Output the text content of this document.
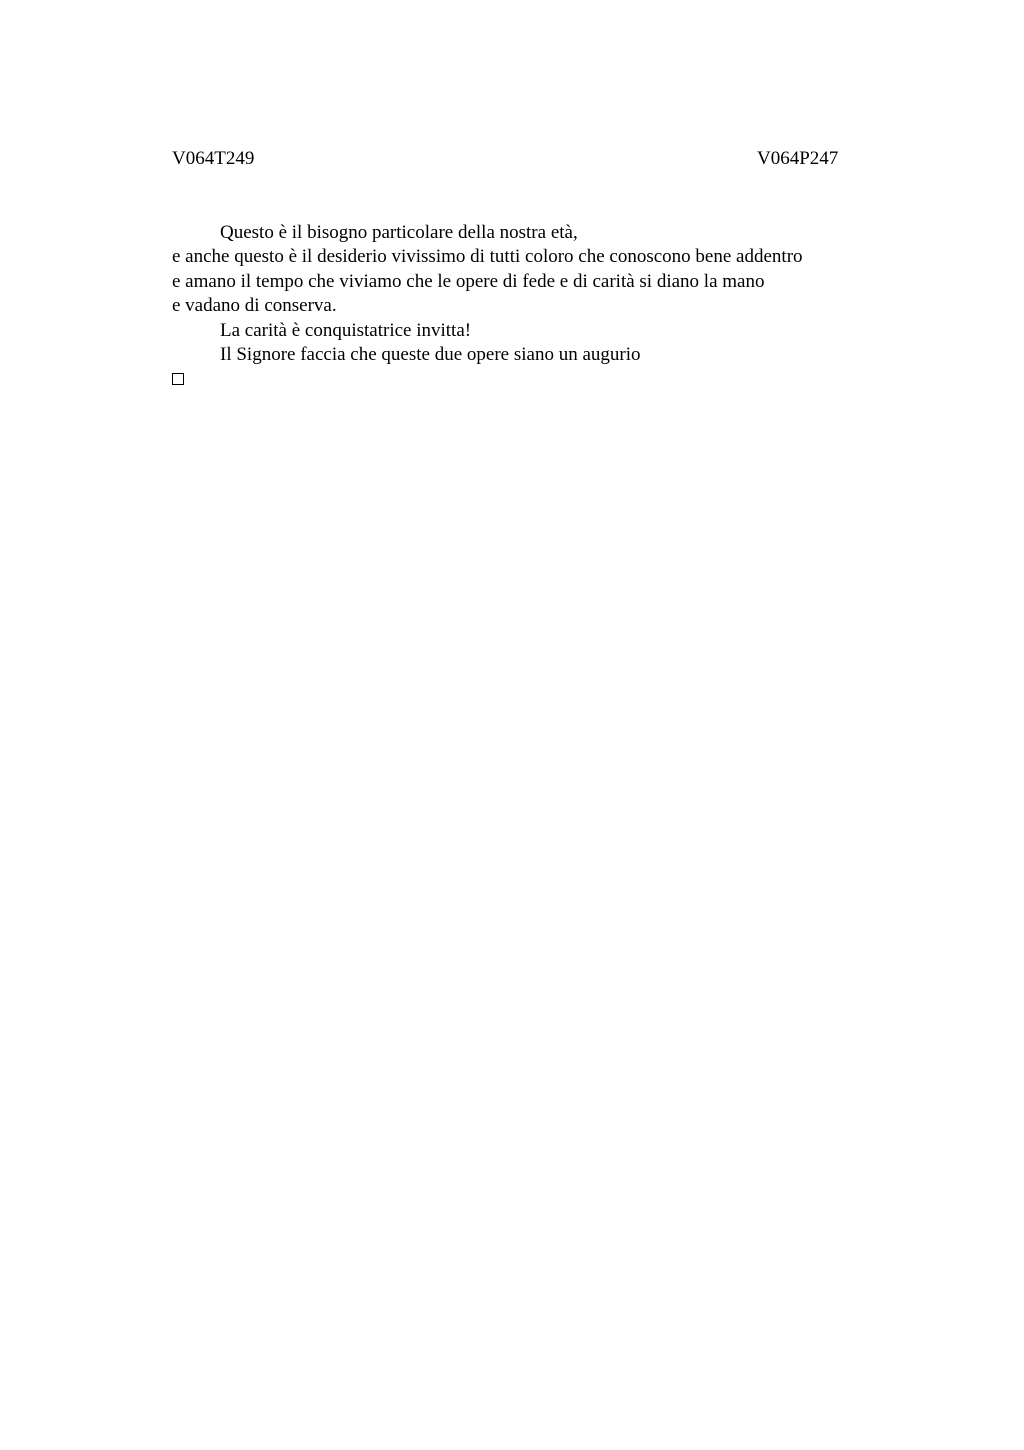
V064T249	V064P247
Questo è il bisogno particolare della nostra età,
e anche questo è il desiderio vivissimo di tutti coloro che conoscono bene addentro
e amano il tempo che viviamo che le opere di fede e di carità si diano la mano
e vadano di conserva.
La carità è conquistatrice invitta!
Il Signore faccia che queste due opere siano un augurio
